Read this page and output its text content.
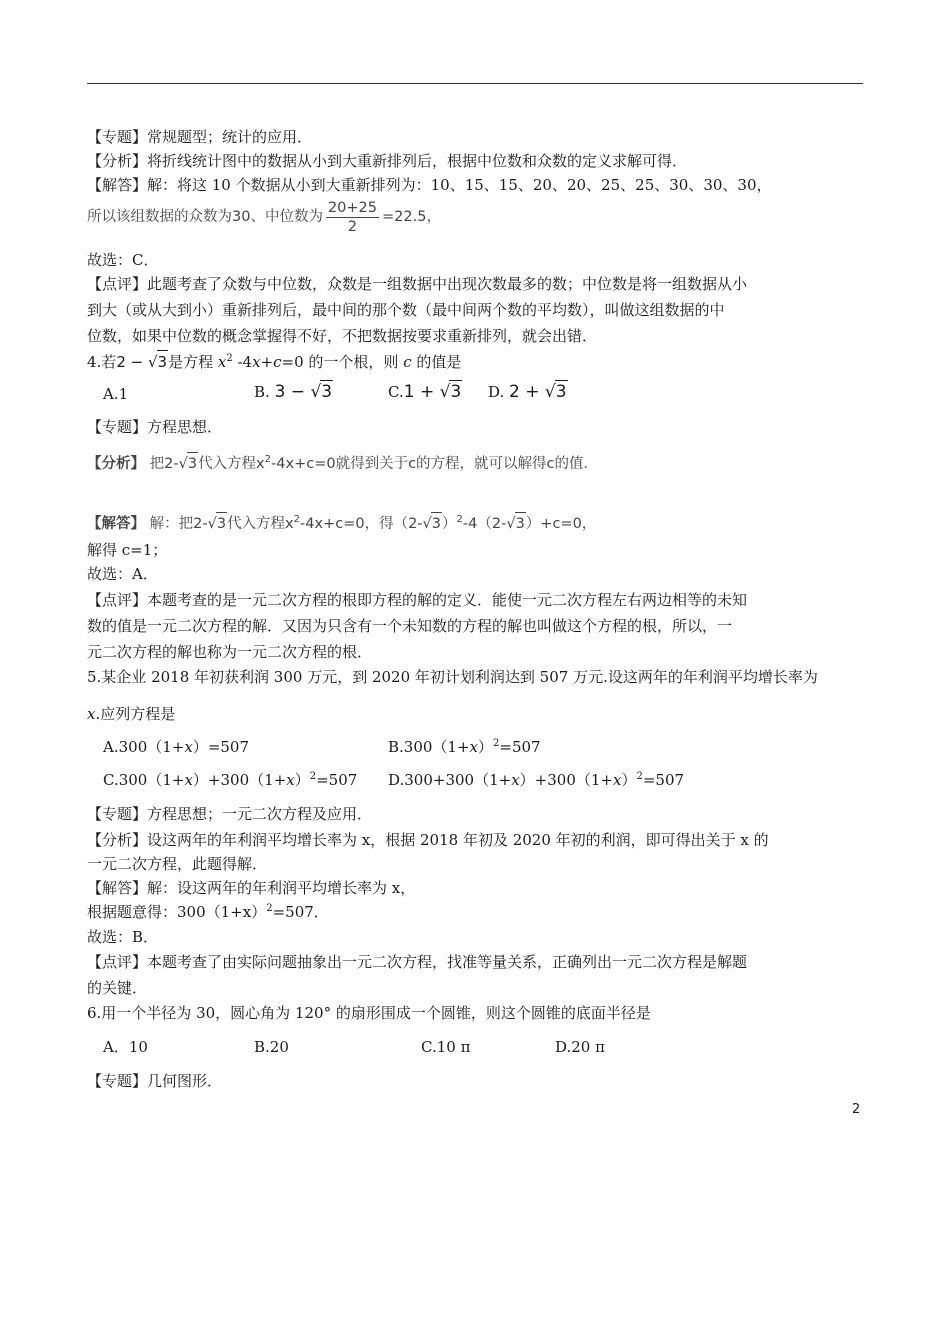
【专题】常规题型；统计的应用．
【分析】将折线统计图中的数据从小到大重新排列后，根据中位数和众数的定义求解可得．
【解答】解：将这 10 个数据从小到大重新排列为：10、15、15、20、20、25、25、30、30、30，
所以该组数据的众数为30、中位数为 $\frac{20+25}{2} =22.5$，
故选：C．
【点评】此题考查了众数与中位数，众数是一组数据中出现次数最多的数；中位数是将一组数据从小
到大（或从大到小）重新排列后，最中间的那个数（最中间两个数的平均数），叫做这组数据的中
位数，如果中位数的概念掌握得不好，不把数据按要求重新排列，就会出错．
4.若2 − √3是方程 $x^2$ -4x+c=0 的一个根，则 c 的值是
A.1	B. 3 − √3	C.1 + √3 D. 2 + √3
【专题】方程思想．
【分析】 把2-√3代入方程$x^2-4x+c=0$就得到关于c的方程，就可以解得c的值．
【解答】 解：把2-√3代入方程$x^2-4x+c=0$，得$(2-√3)^2-4(2-√3)+c=0$，
解得 c=1；
故选：A．
【点评】本题考查的是一元二次方程的根即方程的解的定义．能使一元二次方程左右两边相等的未知
数的值是一元二次方程的解．又因为只含有一个未知数的方程的解也叫做这个方程的根，所以，一
元二次方程的解也称为一元二次方程的根．
5.某企业 2018 年初获利润 300 万元，到 2020 年初计划利润达到 507 万元.设这两年的年利润平均增长率为
x.应列方程是
A.300（1+x）=507	$B.300(1+x)^2=507$
$C.300(1+x)+300(1+x)^2=507$ $D.300+300(1+x)+300(1+x)^2=507$
【专题】方程思想；一元二次方程及应用．
【分析】设这两年的年利润平均增长率为 x，根据 2018 年初及 2020 年初的利润，即可得出关于 x 的
一元二次方程，此题得解．
【解答】解：设这两年的年利润平均增长率为 x，
根据题意得：$300(1+x)^2=507$．
故选：B．
【点评】本题考查了由实际问题抽象出一元二次方程，找准等量关系，正确列出一元二次方程是解题
的关键．
6.用一个半径为 30，圆心角为 120° 的扇形围成一个圆锥，则这个圆锥的底面半径是
A．10	B.20	C.10 π	D.20 π
【专题】几何图形．
2
